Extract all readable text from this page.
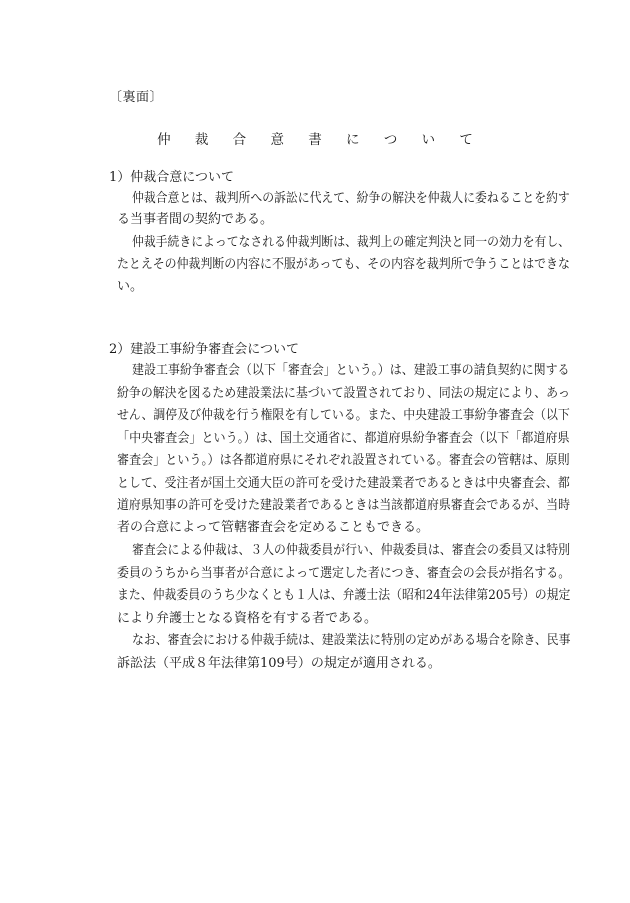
〔裏面〕
仲 裁 合 意 書 に つ い て
1）仲裁合意について
仲裁合意とは、裁判所への訴訟に代えて、紛争の解決を仲裁人に委ねることを約す
る当事者間の契約である。
仲裁手続きによってなされる仲裁判断は、裁判上の確定判決と同一の効力を有し、
たとえその仲裁判断の内容に不服があっても、その内容を裁判所で争うことはできな
い。
2）建設工事紛争審査会について
建設工事紛争審査会（以下「審査会」という。）は、建設工事の請負契約に関する
紛争の解決を図るため建設業法に基づいて設置されており、同法の規定により、あっ
せん、調停及び仲裁を行う権限を有している。また、中央建設工事紛争審査会（以下
「中央審査会」という。）は、国土交通省に、都道府県紛争審査会（以下「都道府県
審査会」という。）は各都道府県にそれぞれ設置されている。審査会の管轄は、原則
として、受注者が国土交通大臣の許可を受けた建設業者であるときは中央審査会、都
道府県知事の許可を受けた建設業者であるときは当該都道府県審査会であるが、当時
者の合意によって管轄審査会を定めることもできる。
審査会による仲裁は、３人の仲裁委員が行い、仲裁委員は、審査会の委員又は特別
委員のうちから当事者が合意によって選定した者につき、審査会の会長が指名する。
また、仲裁委員のうち少なくとも１人は、弁護士法（昭和24年法律第205号）の規定
により弁護士となる資格を有する者である。
なお、審査会における仲裁手続は、建設業法に特別の定めがある場合を除き、民事
訴訟法（平成８年法律第109号）の規定が適用される。
